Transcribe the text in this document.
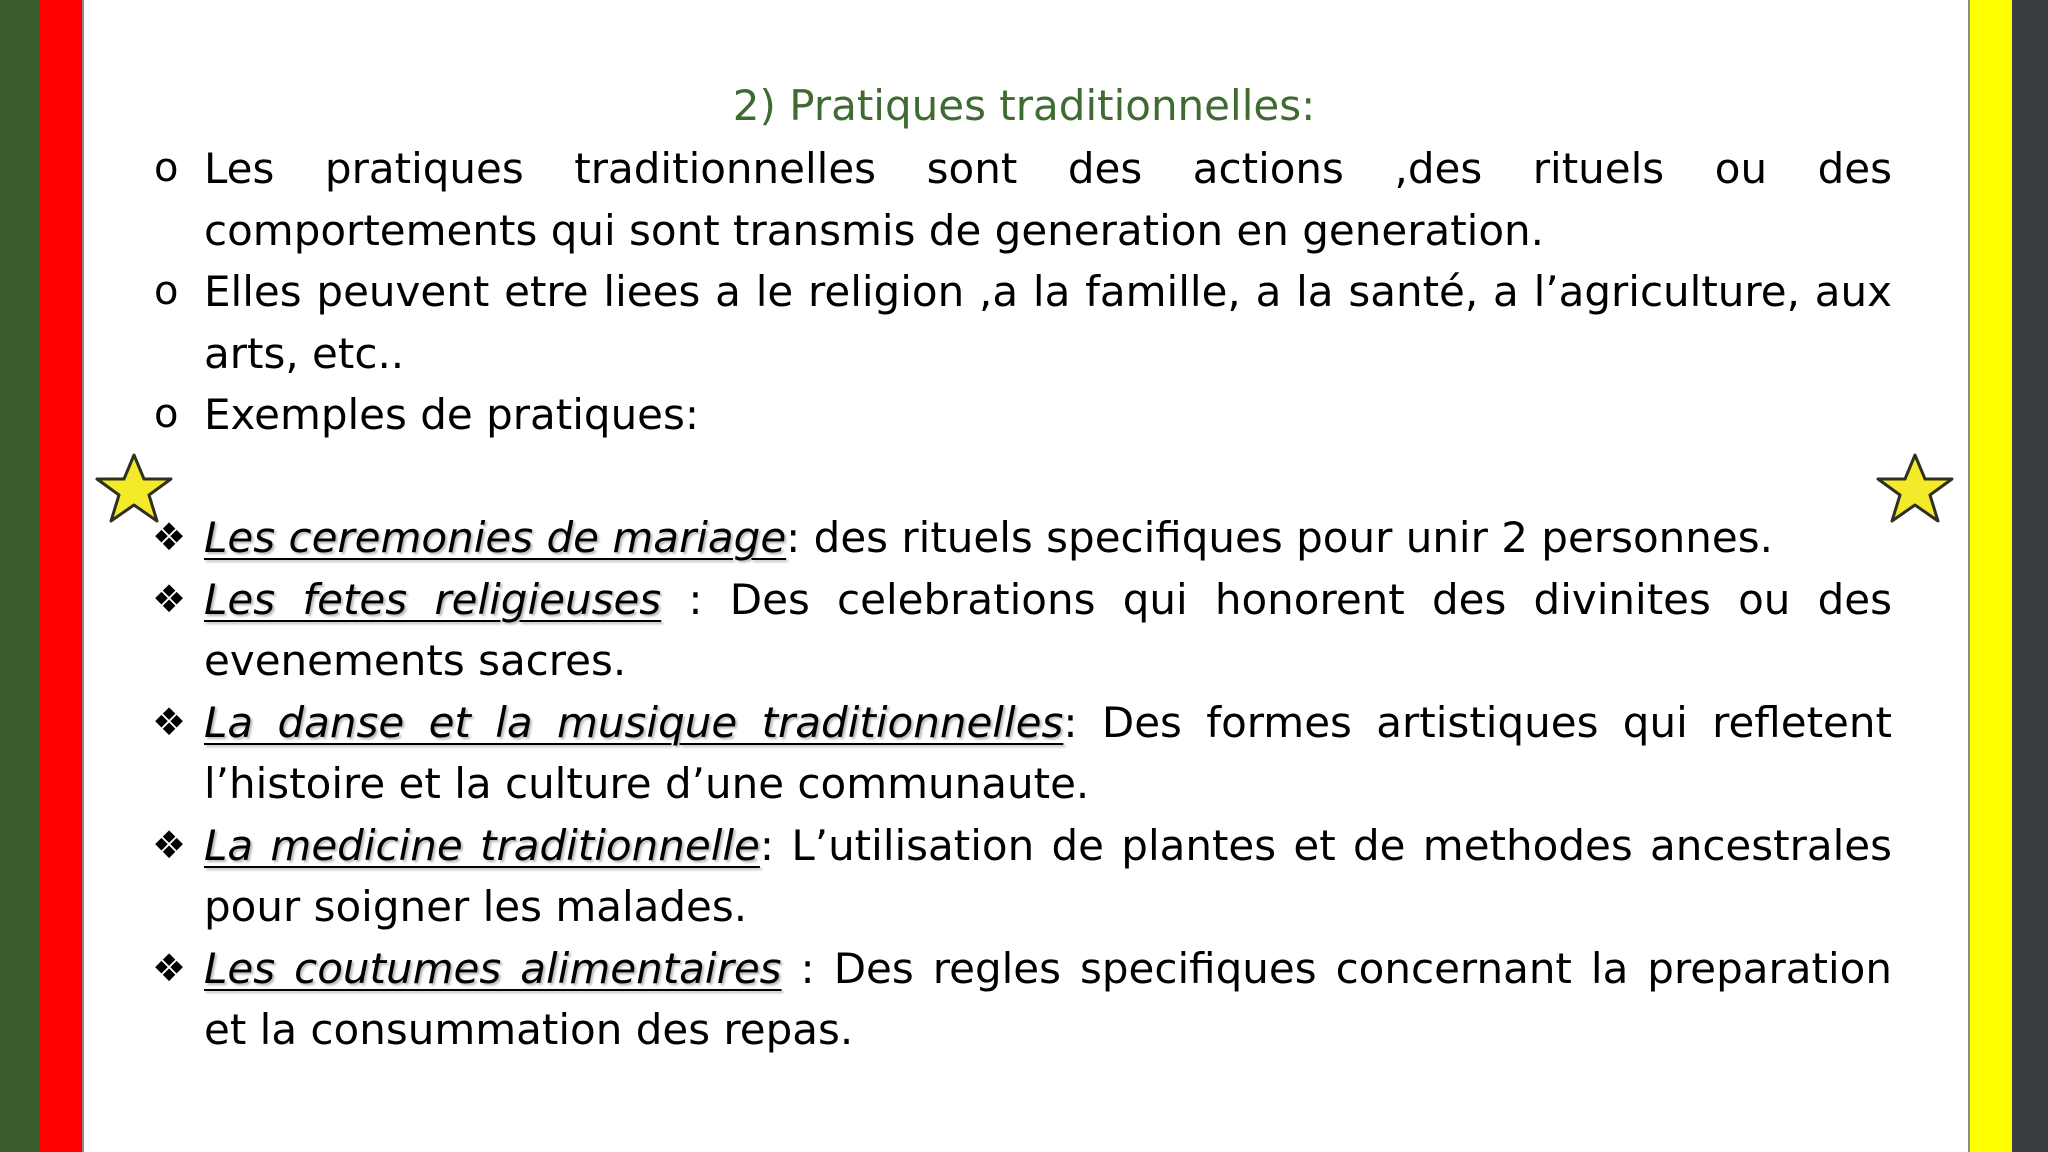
2) Pratiques traditionnelles:
o Les pratiques traditionnelles sont des actions ,des rituels ou des comportements qui sont transmis de generation en generation.
o Elles peuvent etre liees a le religion ,a la famille, a la santé, a l’agriculture, aux arts, etc..
o Exemples de pratiques:
❖ Les ceremonies de mariage: des rituels specifiques pour unir 2 personnes.
❖ Les fetes religieuses : Des celebrations qui honorent des divinites ou des evenements sacres.
❖ La danse et la musique traditionnelles: Des formes artistiques qui refletent l’histoire et la culture d’une communaute.
❖ La medicine traditionnelle: L’utilisation de plantes et de methodes ancestrales pour soigner les malades.
❖ Les coutumes alimentaires : Des regles specifiques concernant la preparation et la consummation des repas.
